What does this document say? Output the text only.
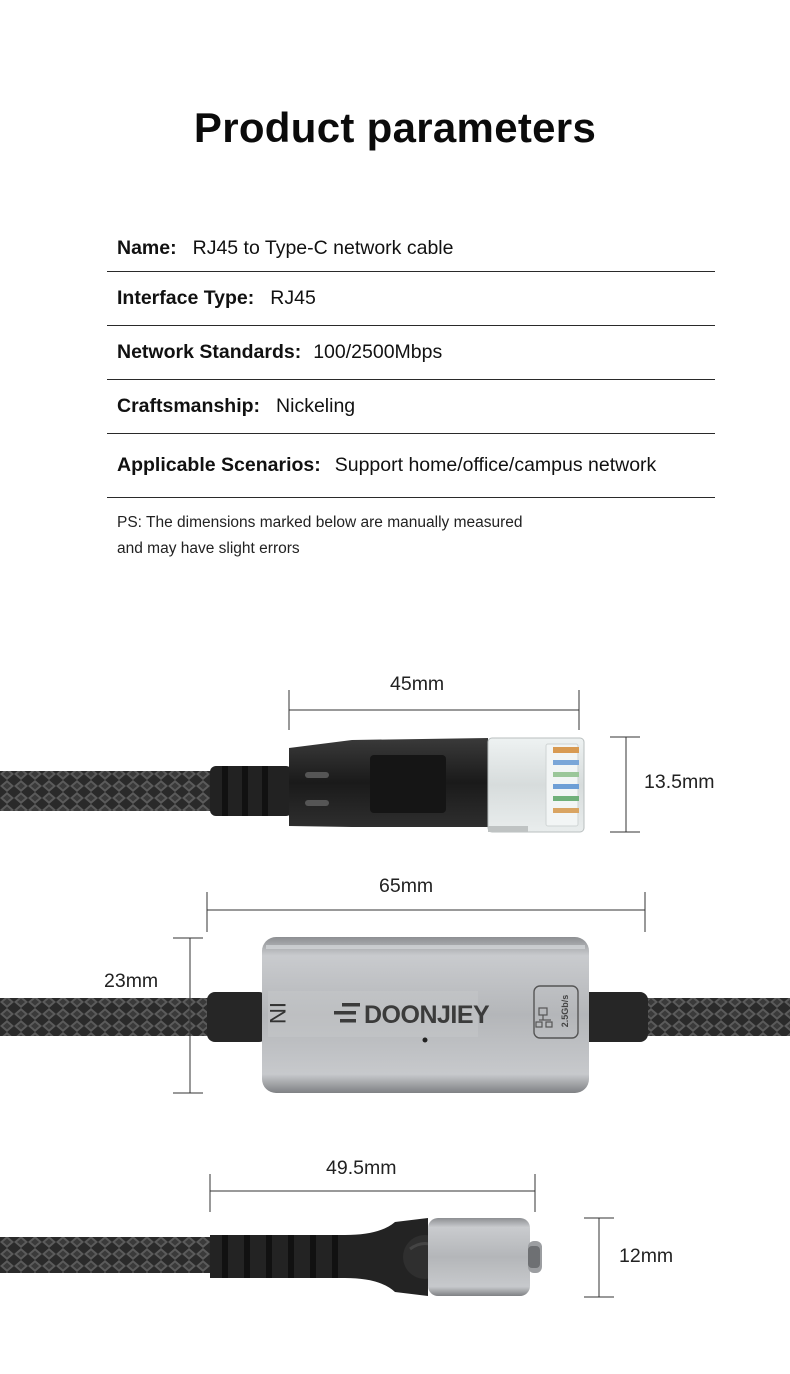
Product parameters
Name: RJ45 to Type-C network cable
Interface Type: RJ45
Network Standards: 100/2500Mbps
Craftsmanship: Nickeling
Applicable Scenarios: Support home/office/campus network
PS: The dimensions marked below are manually measured
and may have slight errors
DOONJIEY
IN	2.5Gb/s
45mm
13.5mm
65mm
23mm
49.5mm
12mm
